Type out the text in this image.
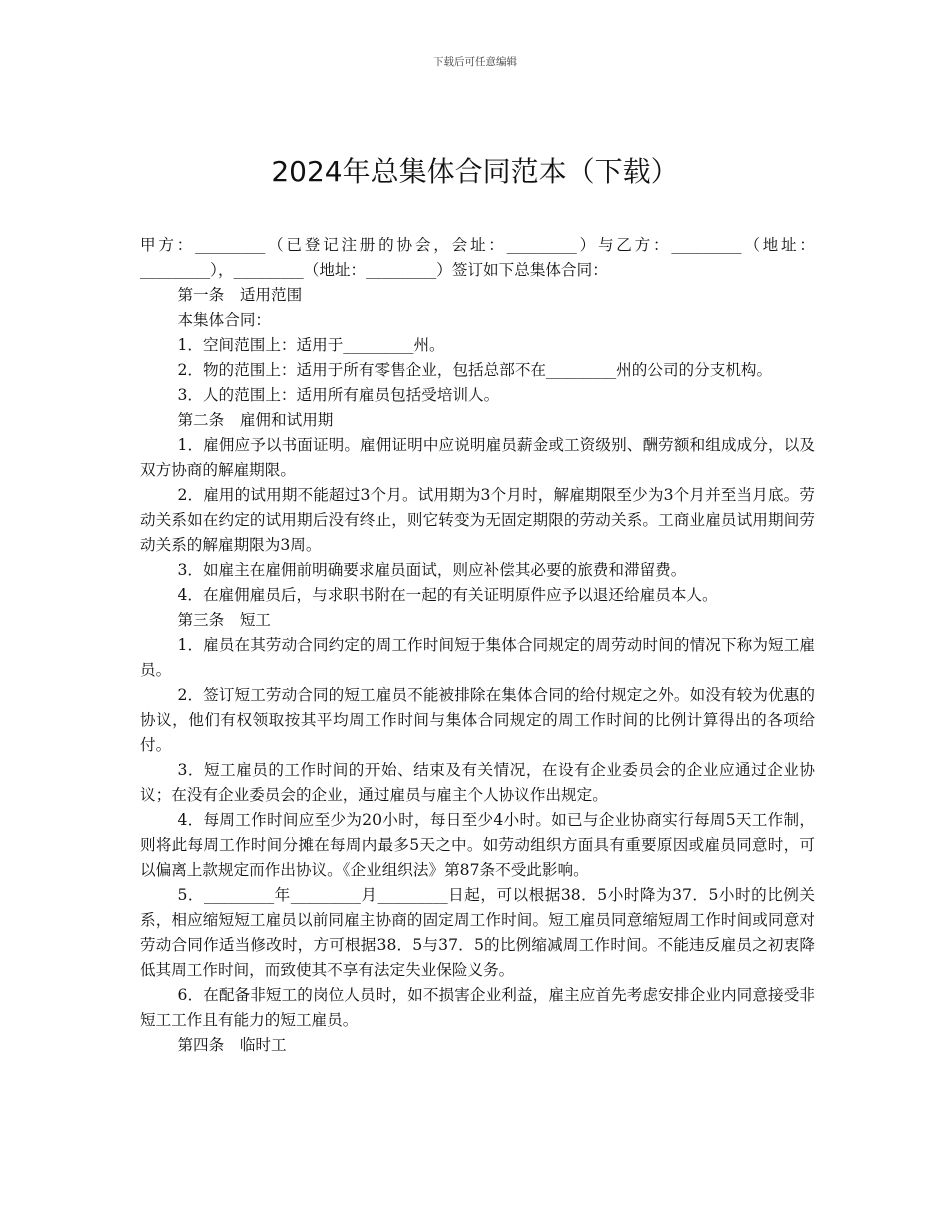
下载后可任意编辑
2024年总集体合同范本（下载）

甲方：_________（已登记注册的协会，会址：_________）与乙方：_________（地址：_________），_________（地址：_________）签订如下总集体合同：

第一条　适用范围

本集体合同：

1．空间范围上：适用于_________州。

2．物的范围上：适用于所有零售企业，包括总部不在_________州的公司的分支机构。

3．人的范围上：适用所有雇员包括受培训人。

第二条　雇佣和试用期

1．雇佣应予以书面证明。雇佣证明中应说明雇员薪金或工资级别、酬劳额和组成成分，以及双方协商的解雇期限。

2．雇用的试用期不能超过3个月。试用期为3个月时，解雇期限至少为3个月并至当月底。劳动关系如在约定的试用期后没有终止，则它转变为无固定期限的劳动关系。工商业雇员试用期间劳动关系的解雇期限为3周。

3．如雇主在雇佣前明确要求雇员面试，则应补偿其必要的旅费和滞留费。

4．在雇佣雇员后，与求职书附在一起的有关证明原件应予以退还给雇员本人。

第三条　短工

1．雇员在其劳动合同约定的周工作时间短于集体合同规定的周劳动时间的情况下称为短工雇员。

2．签订短工劳动合同的短工雇员不能被排除在集体合同的给付规定之外。如没有较为优惠的协议，他们有权领取按其平均周工作时间与集体合同规定的周工作时间的比例计算得出的各项给付。

3．短工雇员的工作时间的开始、结束及有关情况，在设有企业委员会的企业应通过企业协议；在没有企业委员会的企业，通过雇员与雇主个人协议作出规定。

4．每周工作时间应至少为20小时，每日至少4小时。如已与企业协商实行每周5天工作制，则将此每周工作时间分摊在每周内最多5天之中。如劳动组织方面具有重要原因或雇员同意时，可以偏离上款规定而作出协议。《企业组织法》第87条不受此影响。

5．_________年_________月_________日起，可以根据38．5小时降为37．5小时的比例关系，相应缩短短工雇员以前同雇主协商的固定周工作时间。短工雇员同意缩短周工作时间或同意对劳动合同作适当修改时，方可根据38．5与37．5的比例缩减周工作时间。不能违反雇员之初衷降低其周工作时间，而致使其不享有法定失业保险义务。

6．在配备非短工的岗位人员时，如不损害企业利益，雇主应首先考虑安排企业内同意接受非短工工作且有能力的短工雇员。

第四条　临时工
